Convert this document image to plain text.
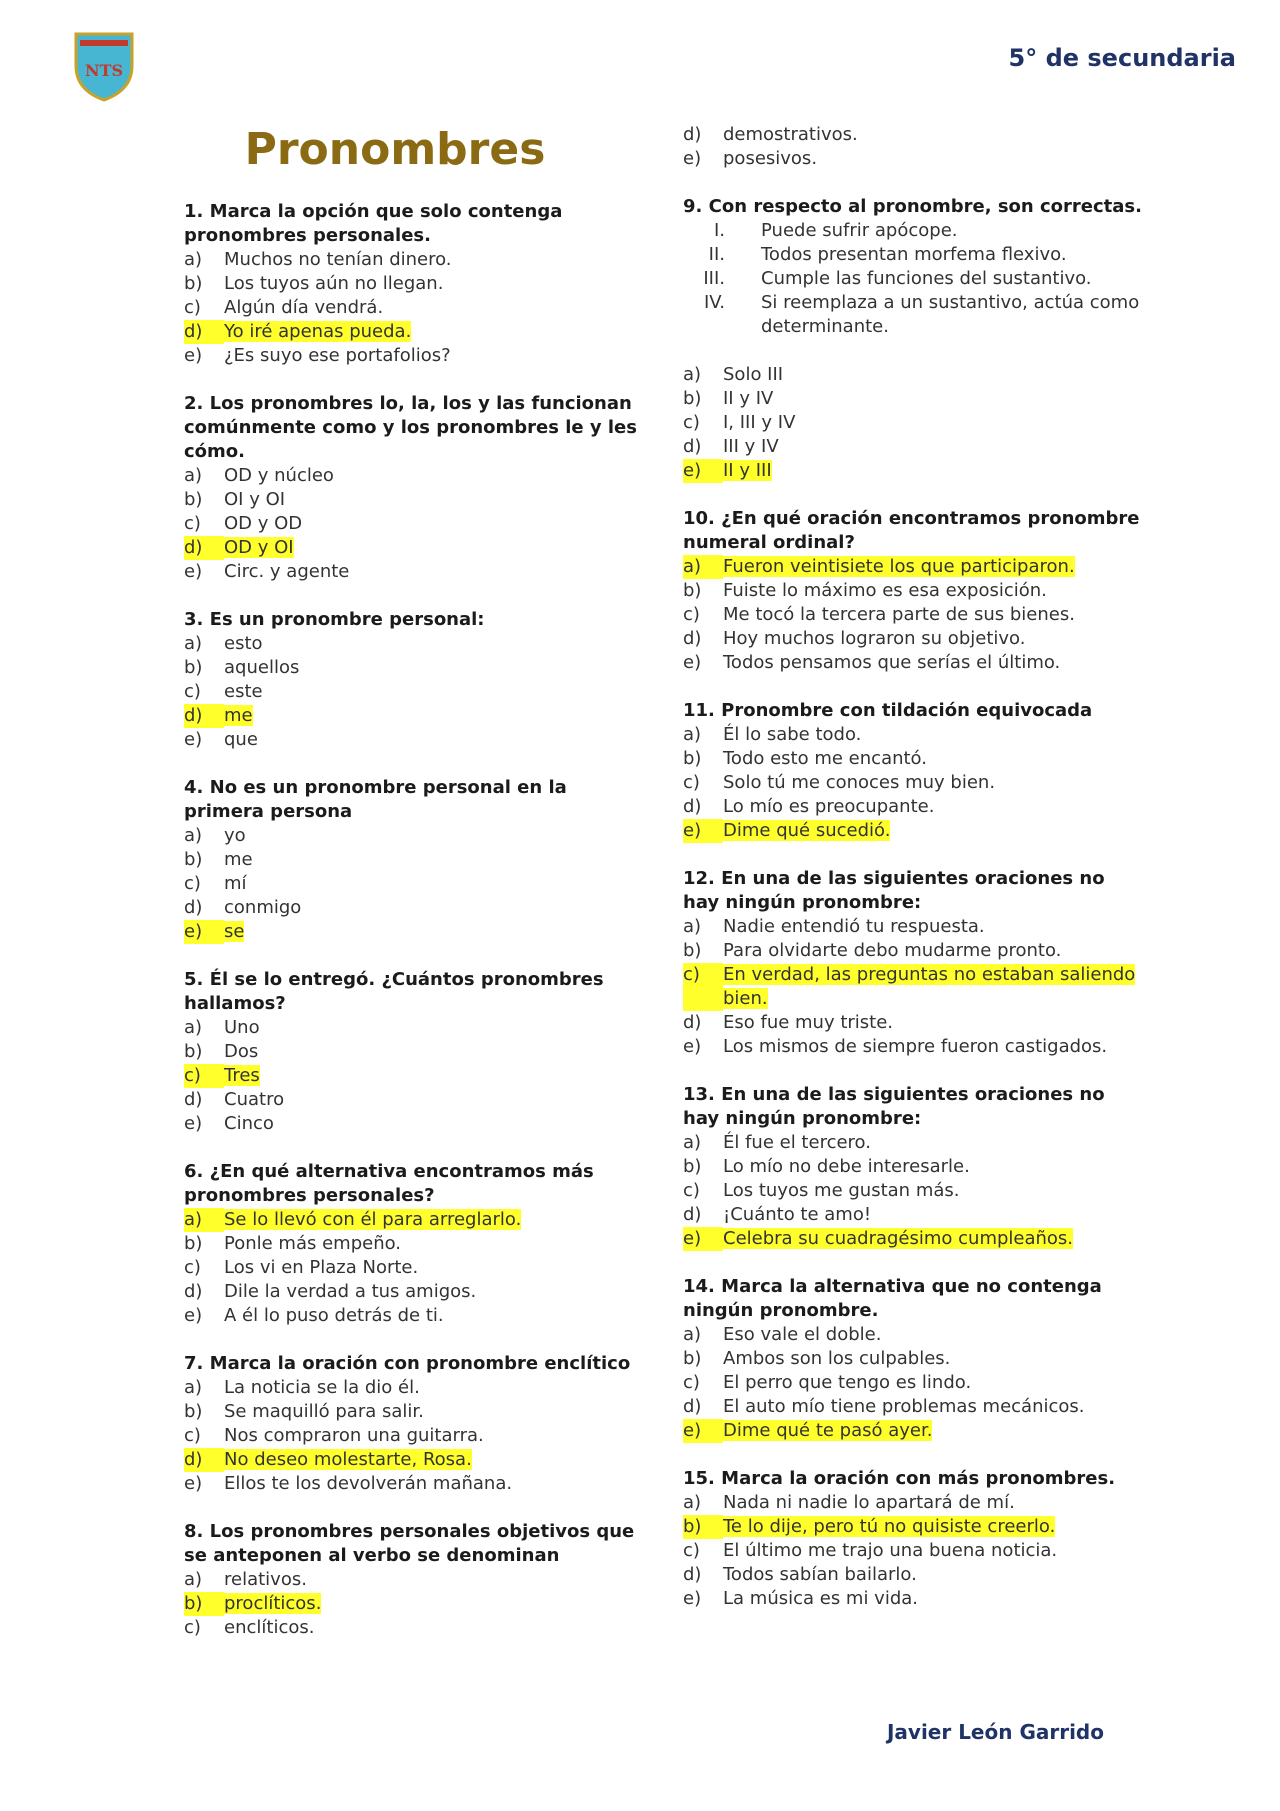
NTS	5° de secundaria
Pronombres
1. Marca la opción que solo contenga pronombres personales.
a)	Muchos no tenían dinero.
b)	Los tuyos aún no llegan.
c)	Algún día vendrá.
d)	Yo iré apenas pueda.
e)	¿Es suyo ese portafolios?
2. Los pronombres lo, la, los y las funcionan comúnmente como y los pronombres le y les cómo.
a)	OD y núcleo
b)	OI y OI
c)	OD y OD
d)	OD y OI
e)	Circ. y agente
3. Es un pronombre personal:
a)	esto
b)	aquellos
c)	este
d)	me
e)	que
4. No es un pronombre personal en la primera persona
a)	yo
b)	me
c)	mí
d)	conmigo
e)	se
5. Él se lo entregó. ¿Cuántos pronombres hallamos?
a)	Uno
b)	Dos
c)	Tres
d)	Cuatro
e)	Cinco
6. ¿En qué alternativa encontramos más pronombres personales?
a)	Se lo llevó con él para arreglarlo.
b)	Ponle más empeño.
c)	Los vi en Plaza Norte.
d)	Dile la verdad a tus amigos.
e)	A él lo puso detrás de ti.
7. Marca la oración con pronombre enclítico
a)	La noticia se la dio él.
b)	Se maquilló para salir.
c)	Nos compraron una guitarra.
d)	No deseo molestarte, Rosa.
e)	Ellos te los devolverán mañana.
8. Los pronombres personales objetivos que se anteponen al verbo se denominan
a)	relativos.
b)	proclíticos.
c)	enclíticos.
d)	demostrativos.
e)	posesivos.
9. Con respecto al pronombre, son correctas.
I.	Puede sufrir apócope.
II.	Todos presentan morfema flexivo.
III.	Cumple las funciones del sustantivo.
IV.	Si reemplaza a un sustantivo, actúa como determinante.
a)	Solo III
b)	II y IV
c)	I, III y IV
d)	III y IV
e)	II y III
10. ¿En qué oración encontramos pronombre numeral ordinal?
a)	Fueron veintisiete los que participaron.
b)	Fuiste lo máximo es esa exposición.
c)	Me tocó la tercera parte de sus bienes.
d)	Hoy muchos lograron su objetivo.
e)	Todos pensamos que serías el último.
11. Pronombre con tildación equivocada
a)	Él lo sabe todo.
b)	Todo esto me encantó.
c)	Solo tú me conoces muy bien.
d)	Lo mío es preocupante.
e)	Dime qué sucedió.
12. En una de las siguientes oraciones no hay ningún pronombre:
a)	Nadie entendió tu respuesta.
b)	Para olvidarte debo mudarme pronto.
c)	En verdad, las preguntas no estaban saliendo bien.
d)	Eso fue muy triste.
e)	Los mismos de siempre fueron castigados.
13. En una de las siguientes oraciones no hay ningún pronombre:
a)	Él fue el tercero.
b)	Lo mío no debe interesarle.
c)	Los tuyos me gustan más.
d)	¡Cuánto te amo!
e)	Celebra su cuadragésimo cumpleaños.
14. Marca la alternativa que no contenga ningún pronombre.
a)	Eso vale el doble.
b)	Ambos son los culpables.
c)	El perro que tengo es lindo.
d)	El auto mío tiene problemas mecánicos.
e)	Dime qué te pasó ayer.
15. Marca la oración con más pronombres.
a)	Nada ni nadie lo apartará de mí.
b)	Te lo dije, pero tú no quisiste creerlo.
c)	El último me trajo una buena noticia.
d)	Todos sabían bailarlo.
e)	La música es mi vida.
Javier León Garrido
